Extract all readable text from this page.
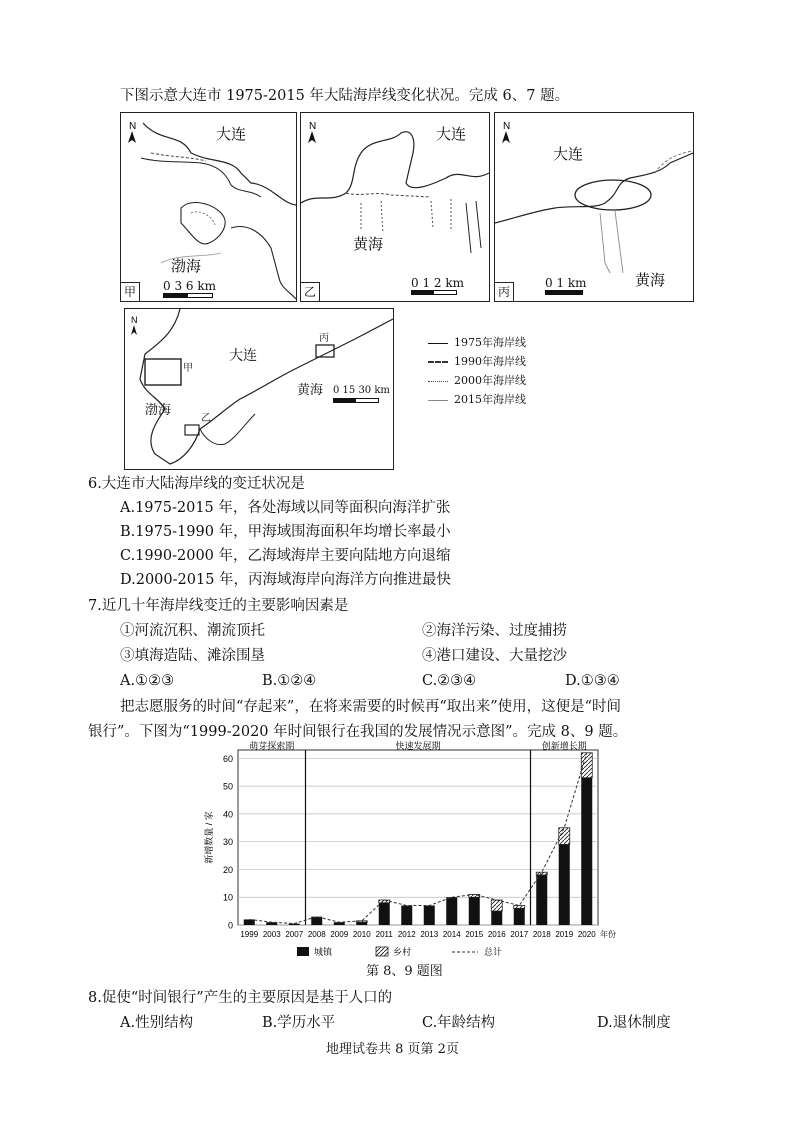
下图示意大连市 1975-2015 年大陆海岸线变化状况。完成 6、7 题。
N	大连
渤海
0 3 6 km
甲
N	大连
黄海
0 1 2 km
乙
N
大连
黄海
0 1 km
丙
N
大连
渤海
黄海
甲
乙
丙
0 15 30 km
1975年海岸线
1990年海岸线
2000年海岸线
2015年海岸线
6.大连市大陆海岸线的变迁状况是
A.1975-2015 年，各处海域以同等面积向海洋扩张
B.1975-1990 年，甲海域围海面积年均增长率最小
C.1990-2000 年，乙海域海岸主要向陆地方向退缩
D.2000-2015 年，丙海域海岸向海洋方向推进最快
7.近几十年海岸线变迁的主要影响因素是
①河流沉积、潮流顶托	②海洋污染、过度捕捞
③填海造陆、滩涂围垦	④港口建设、大量挖沙
A.①②③	B.①②④	C.②③④	D.①③④
把志愿服务的时间“存起来”，在将来需要的时候再“取出来”使用，这便是“时间
银行”。下图为“1999-2020 年时间银行在我国的发展情况示意图”。完成 8、9 题。
0
10
20
30
40
50
60
新增数量 / 家
萌芽探索期	快速发展期	创新增长期
1999 2003 2007 2008 2009 2010 2011 2012 2013 2014 2015 2016 2017 2018 2019 2020 年份
城镇	乡村	总计
第 8、9 题图
8.促使“时间银行”产生的主要原因是基于人口的
A.性别结构	B.学历水平	C.年龄结构	D.退休制度
地理试卷共 8 页第 2页
